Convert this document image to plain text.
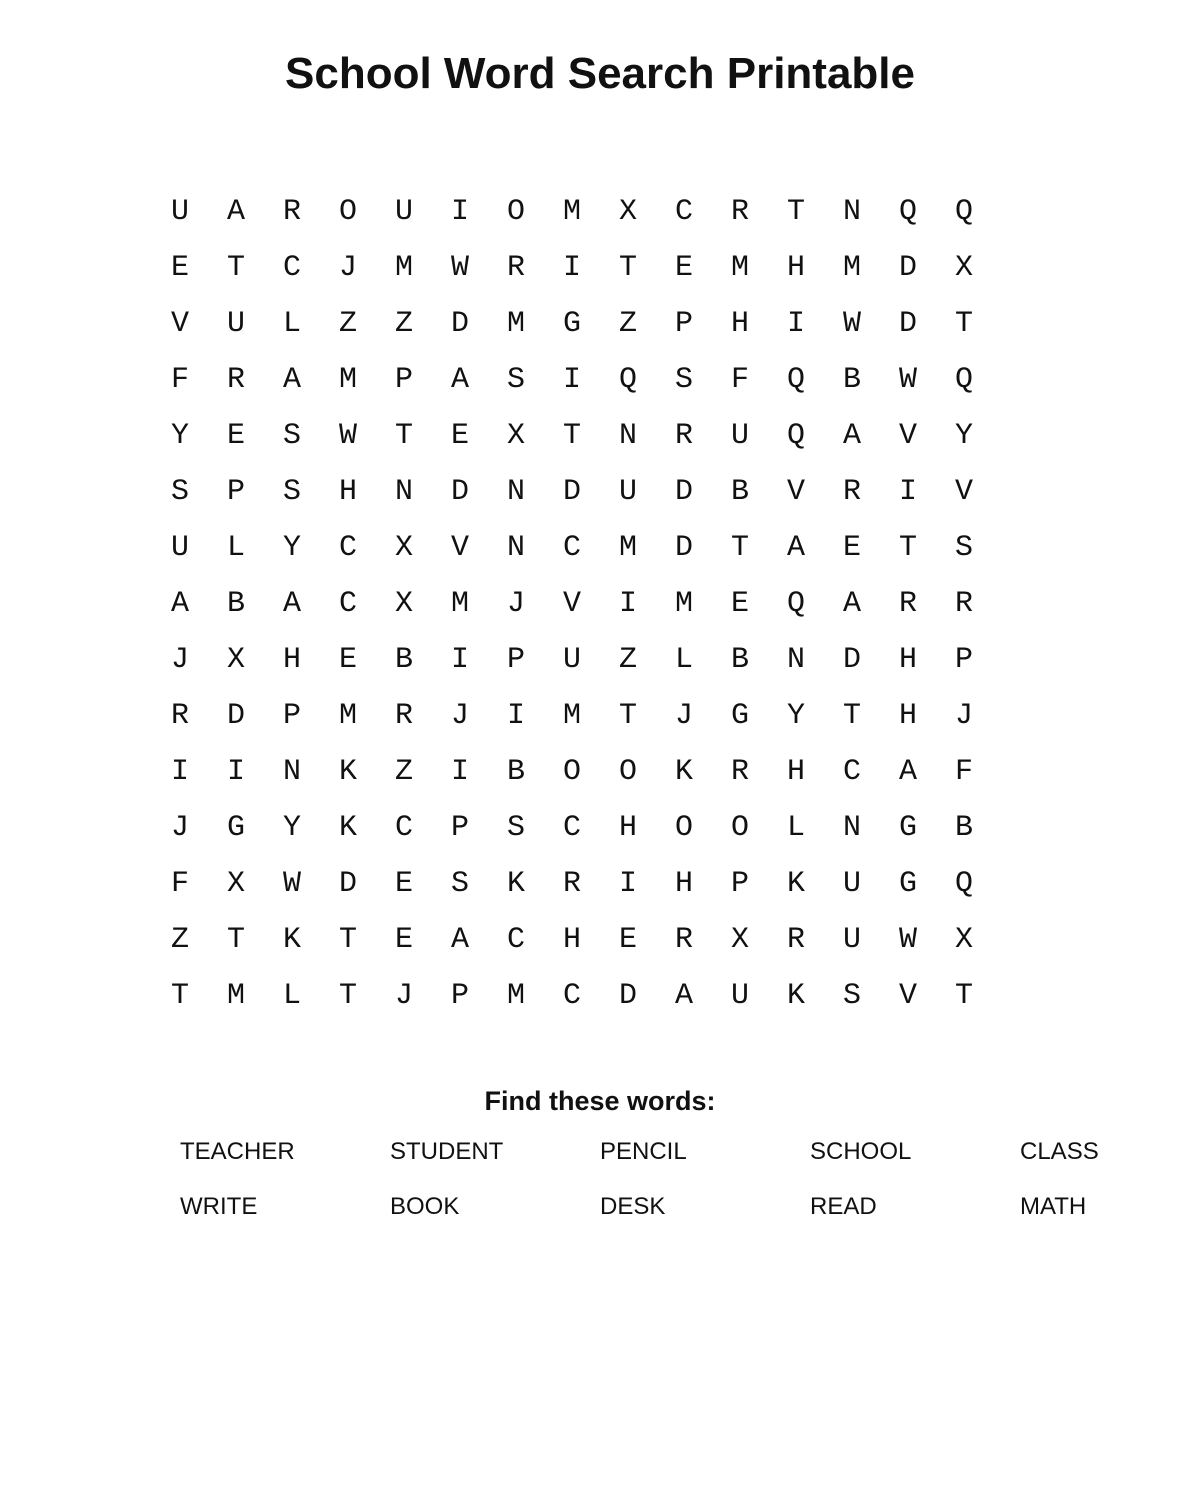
School Word Search Printable
U	A	R	O	U	I	O	M	X	C	R	T	N	Q	Q
E	T	C	J	M	W	R	I	T	E	M	H	M	D	X
V	U	L	Z	Z	D	M	G	Z	P	H	I	W	D	T
F	R	A	M	P	A	S	I	Q	S	F	Q	B	W	Q
Y	E	S	W	T	E	X	T	N	R	U	Q	A	V	Y
S	P	S	H	N	D	N	D	U	D	B	V	R	I	V
U	L	Y	C	X	V	N	C	M	D	T	A	E	T	S
A	B	A	C	X	M	J	V	I	M	E	Q	A	R	R
J	X	H	E	B	I	P	U	Z	L	B	N	D	H	P
R	D	P	M	R	J	I	M	T	J	G	Y	T	H	J
I	I	N	K	Z	I	B	O	O	K	R	H	C	A	F
J	G	Y	K	C	P	S	C	H	O	O	L	N	G	B
F	X	W	D	E	S	K	R	I	H	P	K	U	G	Q
Z	T	K	T	E	A	C	H	E	R	X	R	U	W	X
T	M	L	T	J	P	M	C	D	A	U	K	S	V	T
Find these words:
TEACHER	STUDENT	PENCIL	SCHOOL	CLASS
WRITE	BOOK	DESK	READ	MATH
